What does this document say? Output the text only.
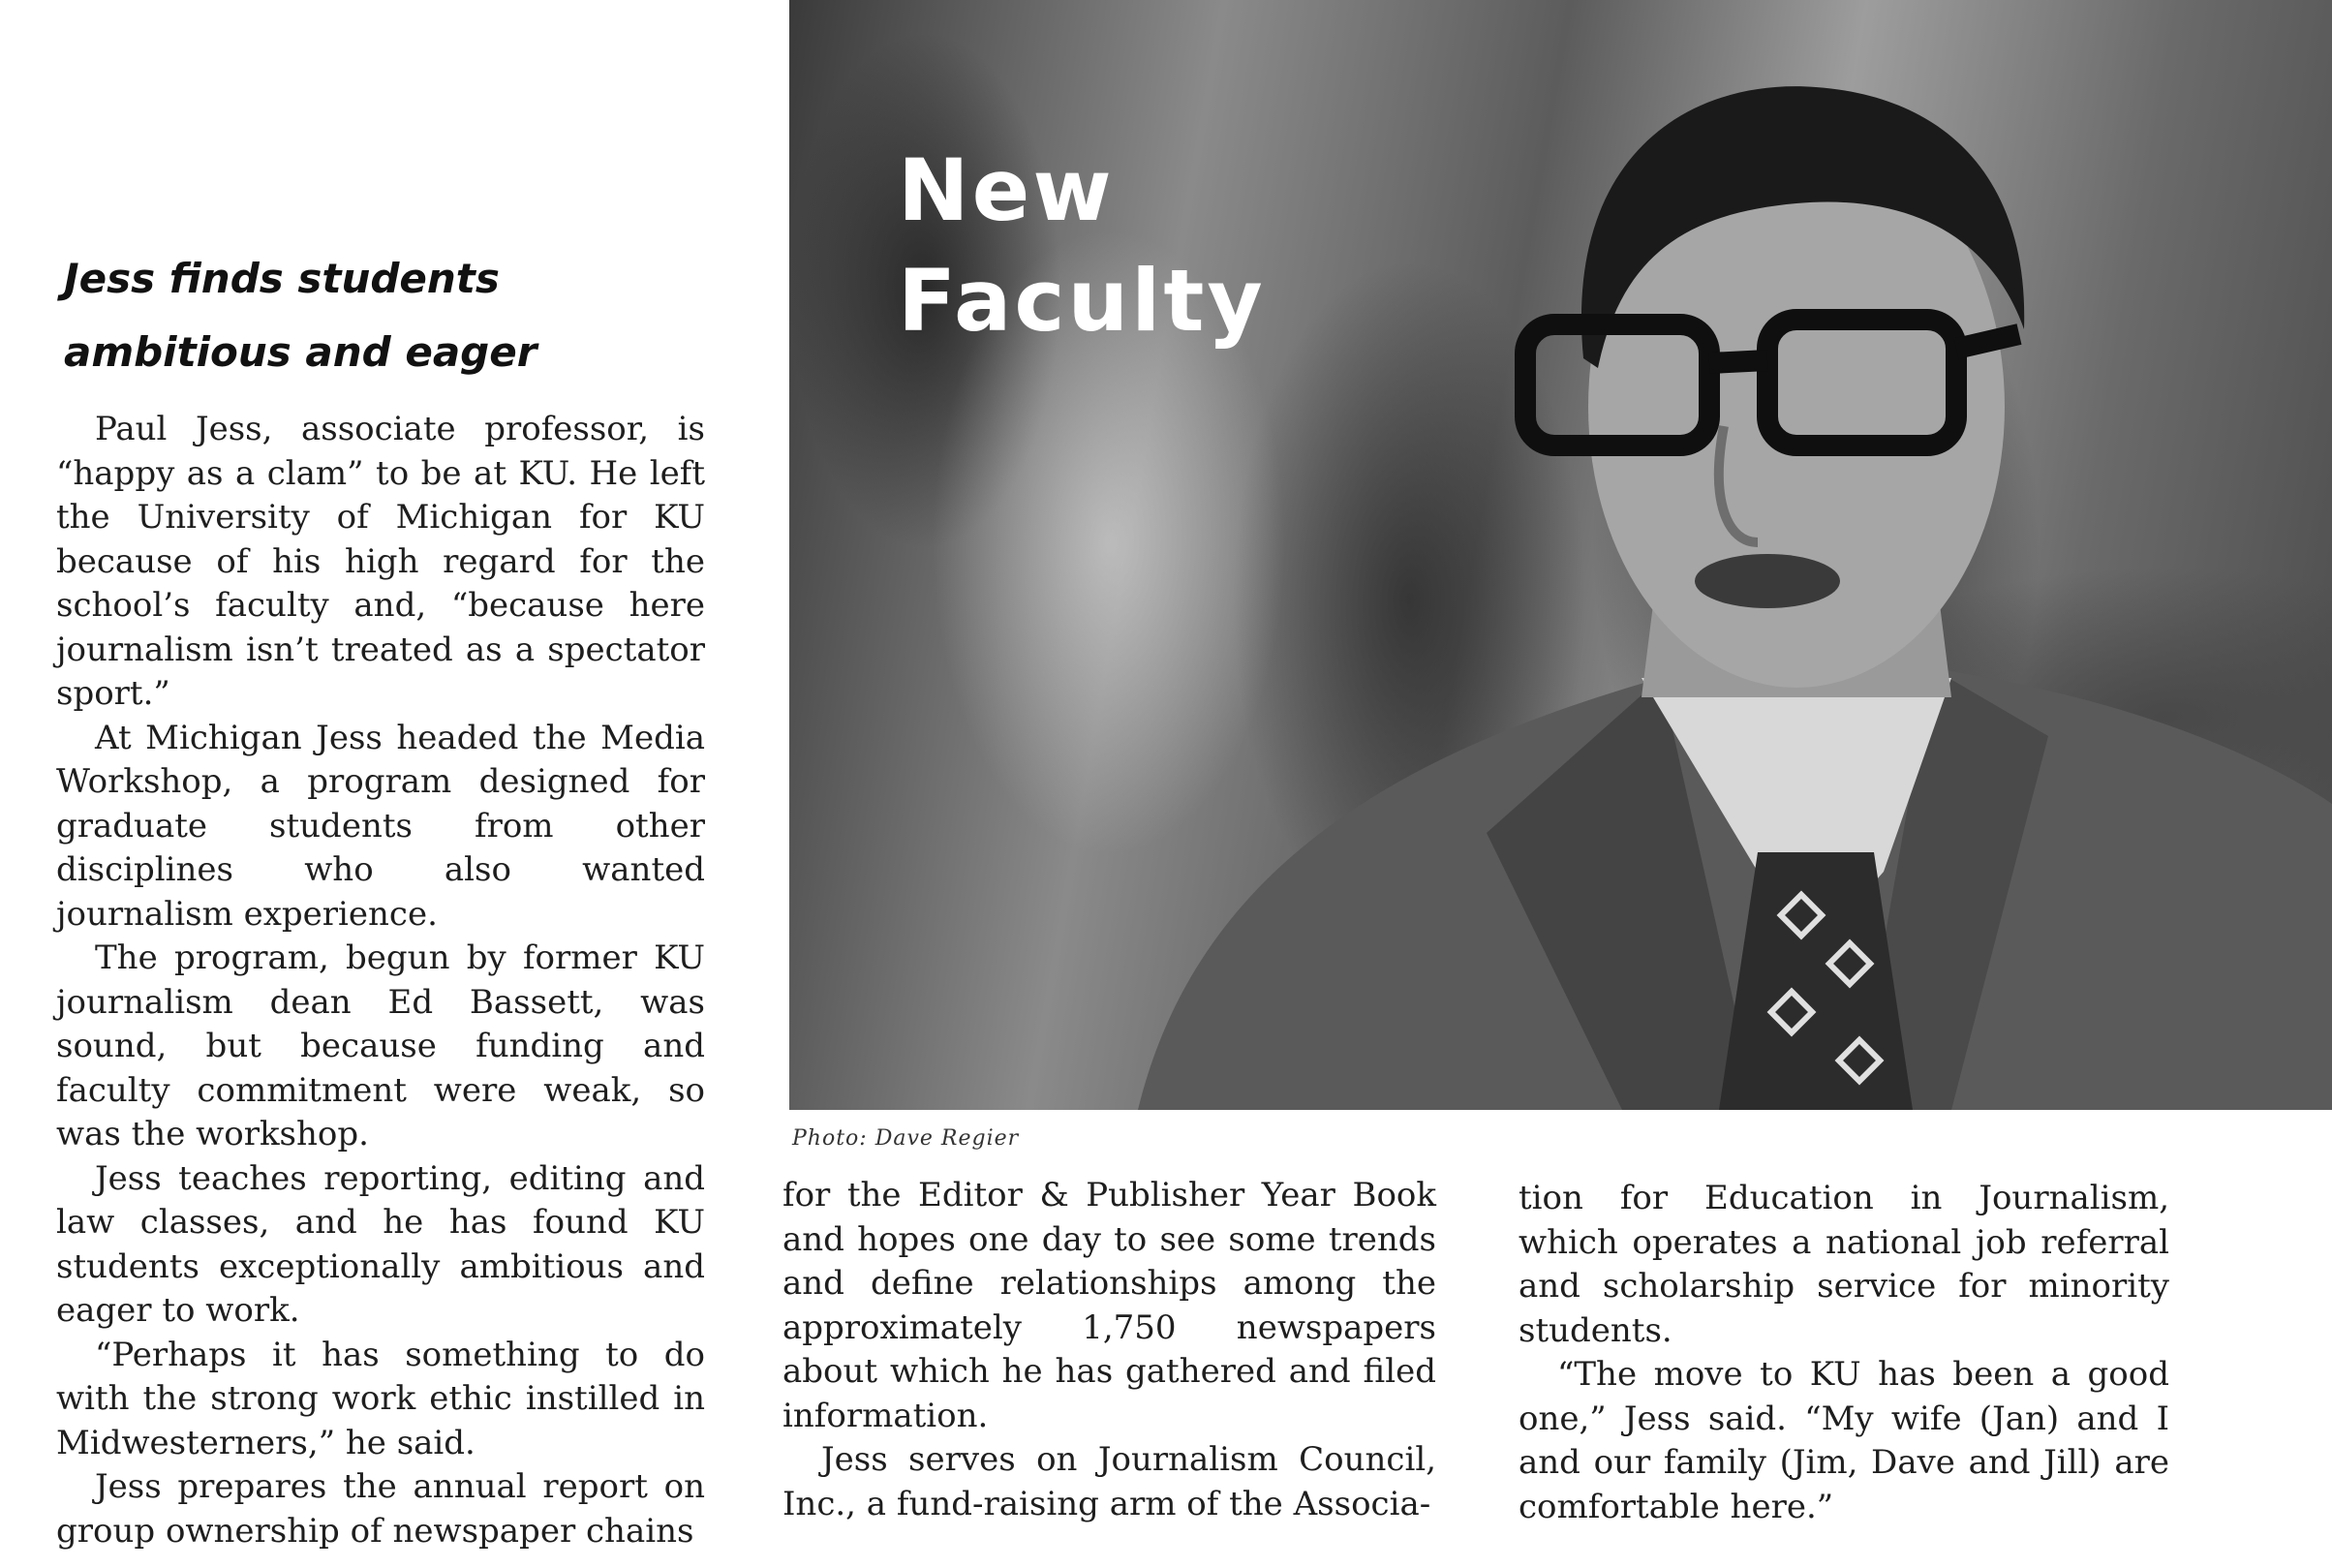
Jess finds students
ambitious and eager

Paul Jess, associate professor, is “happy as a clam” to be at KU. He left the University of Michigan for KU because of his high regard for the school’s faculty and, “because here journalism isn’t treated as a spectator sport.”

At Michigan Jess headed the Media Workshop, a program designed for graduate students from other disciplines who also wanted journalism experience.

The program, begun by former KU journalism dean Ed Bassett, was sound, but because funding and faculty commitment were weak, so was the workshop.

Jess teaches reporting, editing and law classes, and he has found KU students exceptionally ambitious and eager to work.

“Perhaps it has something to do with the strong work ethic instilled in Midwesterners,” he said.

Jess prepares the annual report on group ownership of newspaper chains

New
Faculty
Photo: Dave Regier

for the Editor & Publisher Year Book and hopes one day to see some trends and define relationships among the approximately 1,750 newspapers about which he has gathered and filed information.

Jess serves on Journalism Council, Inc., a fund-raising arm of the Associa-

tion for Education in Journalism, which operates a national job referral and scholarship service for minority students.

“The move to KU has been a good one,” Jess said. “My wife (Jan) and I and our family (Jim, Dave and Jill) are comfortable here.”
